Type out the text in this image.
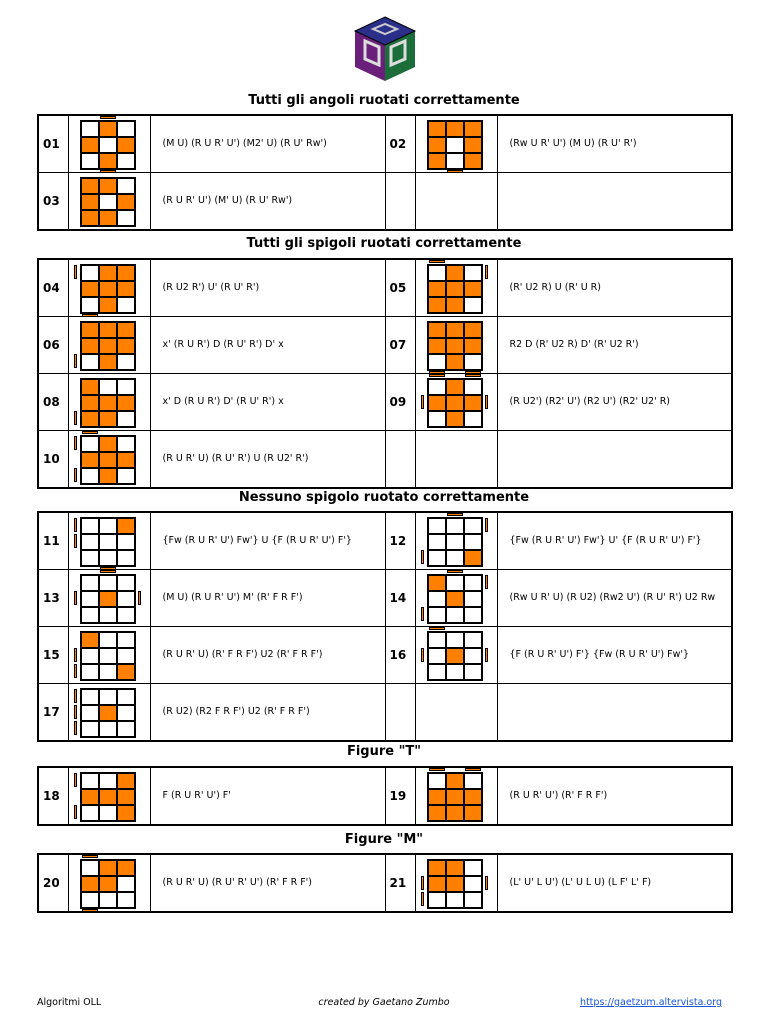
Tutti gli angoli ruotati correttamente
01		(M U) (R U R' U') (M2' U) (R U' Rw')	02		(Rw U R' U') (M U) (R U' R')
03		(R U R' U') (M' U) (R U' Rw')			
Tutti gli spigoli ruotati correttamente
04		(R U2 R') U' (R U' R')	05		(R' U2 R) U (R' U R)
06		x' (R U R') D (R U' R') D' x	07		R2 D (R' U2 R) D' (R' U2 R')
08		x' D (R U R') D' (R U' R') x	09		(R U2') (R2' U') (R2 U') (R2' U2' R)
10		(R U R' U) (R U' R') U (R U2' R')			
Nessuno spigolo ruotato correttamente
11		{Fw (R U R' U') Fw'} U {F (R U R' U') F'}	12		{Fw (R U R' U') Fw'} U' {F (R U R' U') F'}
13		(M U) (R U R' U') M' (R' F R F')	14		(Rw U R' U) (R U2) (Rw2 U') (R U' R') U2 Rw
15		(R U R' U) (R' F R F') U2 (R' F R F')	16		{F (R U R' U') F'} {Fw (R U R' U') Fw'}
17		(R U2) (R2 F R F') U2 (R' F R F')			
Figure "T"
18		F (R U R' U') F'	19		(R U R' U') (R' F R F')
Figure "M"
20		(R U R' U) (R U' R' U') (R' F R F')	21		(L' U' L U') (L' U L U) (L F' L' F)
Algoritmi OLL	created by Gaetano Zumbo	https://gaetzum.altervista.org
